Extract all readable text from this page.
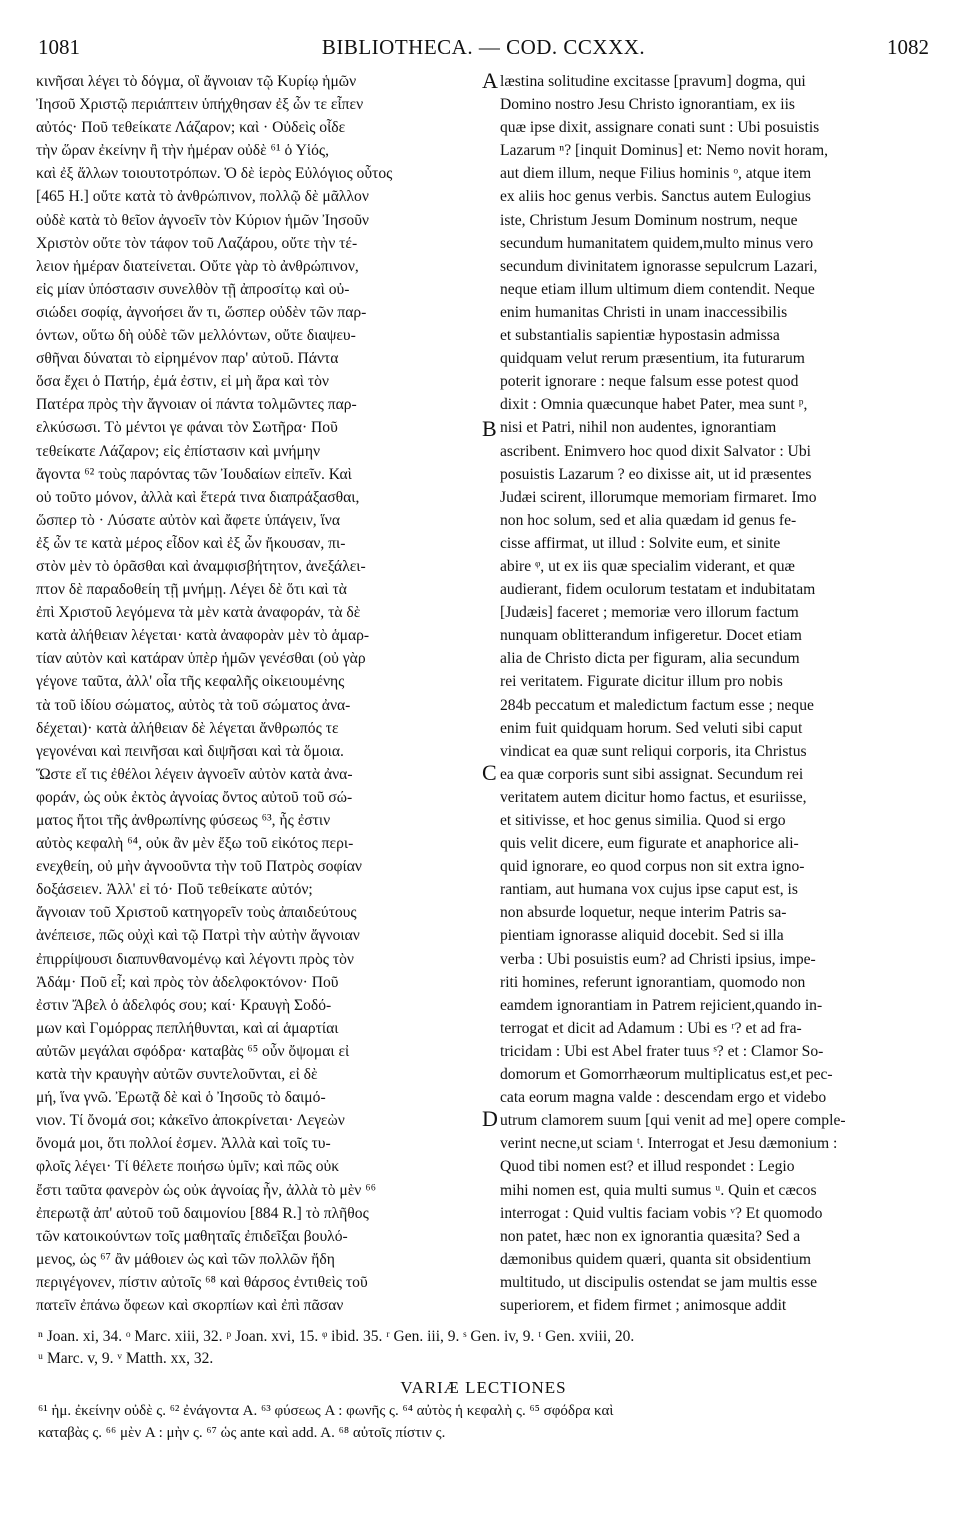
1081	BIBLIOTHECA. — COD. CCXXX.	1082
κινῆσαι λέγει τὸ δόγμα, οἳ ἄγνοιαν τῷ Κυρίῳ ἡμῶν
Ἰησοῦ Χριστῷ περιάπτειν ὑπήχθησαν ἐξ ὧν τε εἶπεν
αὐτός· Ποῦ τεθείκατε Λάζαρον; καὶ · Οὐδεὶς οἶδε
τὴν ὥραν ἐκείνην ἢ τὴν ἡμέραν οὐδὲ ⁶¹ ὁ Υἱός,
καὶ ἐξ ἄλλων τοιουτοτρόπων. Ὁ δὲ ἱερὸς Εὐλόγιος οὗτος
[465 Η.] οὔτε κατὰ τὸ ἀνθρώπινον, πολλῷ δὲ μᾶλλον
οὐδὲ κατὰ τὸ θεῖον ἀγνοεῖν τὸν Κύριον ἡμῶν Ἰησοῦν
Χριστὸν οὔτε τὸν τάφον τοῦ Λαζάρου, οὔτε τὴν τέ-
λειον ἡμέραν διατείνεται. Οὔτε γὰρ τὸ ἀνθρώπινον,
εἰς μίαν ὑπόστασιν συνελθὸν τῇ ἀπροσίτῳ καὶ οὐ-
σιώδει σοφίᾳ, ἀγνοήσει ἄν τι, ὥσπερ οὐδὲν τῶν παρ-
όντων, οὕτω δὴ οὐδὲ τῶν μελλόντων, οὔτε διαψευ-
σθῆναι δύναται τὸ εἰρημένον παρ' αὐτοῦ. Πάντα
ὅσα ἔχει ὁ Πατήρ, ἐμά ἐστιν, εἰ μὴ ἄρα καὶ τὸν
Πατέρα πρὸς τὴν ἄγνοιαν οἱ πάντα τολμῶντες παρ-
ελκύσωσι. Τὸ μέντοι γε φάναι τὸν Σωτῆρα· Ποῦ
τεθείκατε Λάζαρον; εἰς ἐπίστασιν καὶ μνήμην
ἄγοντα ⁶² τοὺς παρόντας τῶν Ἰουδαίων εἰπεῖν. Καὶ
οὐ τοῦτο μόνον, ἀλλὰ καὶ ἕτερά τινα διαπράξασθαι,
ὥσπερ τὸ · Λύσατε αὐτὸν καὶ ἄφετε ὑπάγειν, ἵνα
ἐξ ὧν τε κατὰ μέρος εἶδον καὶ ἐξ ὧν ἤκουσαν, πι-
στὸν μὲν τὸ ὁρᾶσθαι καὶ ἀναμφισβήτητον, ἀνεξάλει-
πτον δὲ παραδοθείη τῇ μνήμῃ. Λέγει δὲ ὅτι καὶ τὰ
ἐπὶ Χριστοῦ λεγόμενα τὰ μὲν κατὰ ἀναφοράν, τὰ δὲ
κατὰ ἀλήθειαν λέγεται· κατὰ ἀναφορὰν μὲν τὸ ἁμαρ-
τίαν αὐτὸν καὶ κατάραν ὑπὲρ ἡμῶν γενέσθαι (οὐ γὰρ
γέγονε ταῦτα, ἀλλ' οἷα τῆς κεφαλῆς οἰκειουμένης
τὰ τοῦ ἰδίου σώματος, αὐτὸς τὰ τοῦ σώματος ἀνα-
δέχεται)· κατὰ ἀλήθειαν δὲ λέγεται ἄνθρωπός τε
γεγονέναι καὶ πεινῆσαι καὶ διψῆσαι καὶ τὰ ὅμοια.
Ὥστε εἴ τις ἐθέλοι λέγειν ἀγνοεῖν αὐτὸν κατὰ ἀνα-
φοράν, ὡς οὐκ ἐκτὸς ἀγνοίας ὄντος αὐτοῦ τοῦ σώ-
ματος ἤτοι τῆς ἀνθρωπίνης φύσεως ⁶³, ἧς ἐστιν
αὐτὸς κεφαλὴ ⁶⁴, οὐκ ἂν μὲν ἔξω τοῦ εἰκότος περι-
ενεχθείη, οὐ μὴν ἀγνοοῦντα τὴν τοῦ Πατρὸς σοφίαν
δοξάσειεν. Ἀλλ' εἰ τό· Ποῦ τεθείκατε αὐτόν;
ἄγνοιαν τοῦ Χριστοῦ κατηγορεῖν τοὺς ἀπαιδεύτους
ἀνέπεισε, πῶς οὐχὶ καὶ τῷ Πατρὶ τὴν αὐτὴν ἄγνοιαν
ἐπιρρίψουσι διαπυνθανομένῳ καὶ λέγοντι πρὸς τὸν
Ἀδάμ· Ποῦ εἶ; καὶ πρὸς τὸν ἀδελφοκτόνον· Ποῦ
ἐστιν Ἄβελ ὁ ἀδελφός σου; καί· Κραυγὴ Σοδό-
μων καὶ Γομόρρας πεπλήθυνται, καὶ αἱ ἁμαρτίαι
αὐτῶν μεγάλαι σφόδρα· καταβὰς ⁶⁵ οὖν ὄψομαι εἰ
κατὰ τὴν κραυγὴν αὐτῶν συντελοῦνται, εἰ δὲ
μή, ἵνα γνῶ. Ἐρωτᾷ δὲ καὶ ὁ Ἰησοῦς τὸ δαιμό-
νιον. Τί ὄνομά σοι; κἀκεῖνο ἀποκρίνεται· Λεγεὼν
ὄνομά μοι, ὅτι πολλοί ἐσμεν. Ἀλλὰ καὶ τοῖς τυ-
φλοῖς λέγει· Τί θέλετε ποιήσω ὑμῖν; καὶ πῶς οὐκ
ἔστι ταῦτα φανερὸν ὡς οὐκ ἀγνοίας ἦν, ἀλλὰ τὸ μὲν ⁶⁶
ἐπερωτᾷ ἀπ' αὐτοῦ τοῦ δαιμονίου [884 R.] τὸ πλῆθος
τῶν κατοικούντων τοῖς μαθηταῖς ἐπιδεῖξαι βουλό-
μενος, ὡς ⁶⁷ ἂν μάθοιεν ὡς καὶ τῶν πολλῶν ἤδη
περιγέγονεν, πίστιν αὐτοῖς ⁶⁸ καὶ θάρσος ἐντιθεὶς τοῦ
πατεῖν ἐπάνω ὄφεων καὶ σκορπίων καὶ ἐπὶ πᾶσαν
læstina solitudine excitasse [pravum] dogma, qui
Domino nostro Jesu Christo ignorantiam, ex iis
quæ ipse dixit, assignare conati sunt : Ubi posuistis
Lazarum ⁿ? [inquit Dominus] et: Nemo novit horam,
aut diem illum, neque Filius hominis ᵒ, atque item
ex aliis hoc genus verbis. Sanctus autem Eulogius
iste, Christum Jesum Dominum nostrum, neque
secundum humanitatem quidem,multo minus vero
secundum divinitatem ignorasse sepulcrum Lazari,
neque etiam illum ultimum diem contendit. Neque
enim humanitas Christi in unam inaccessibilis
et substantialis sapientiæ hypostasin admissa
quidquam velut rerum præsentium, ita futurarum
poterit ignorare : neque falsum esse potest quod
dixit : Omnia quæcunque habet Pater, mea sunt ᵖ,
nisi et Patri, nihil non audentes, ignorantiam
ascribent. Enimvero hoc quod dixit Salvator : Ubi
posuistis Lazarum ? eo dixisse ait, ut id præsentes
Judæi scirent, illorumque memoriam firmaret. Imo
non hoc solum, sed et alia quædam id genus fe-
cisse affirmat, ut illud : Solvite eum, et sinite
abire ᵠ, ut ex iis quæ specialim viderant, et quæ
audierant, fidem oculorum testatam et indubitatam
[Judæis] faceret ; memoriæ vero illorum factum
nunquam oblitterandum infigeretur. Docet etiam
alia de Christo dicta per figuram, alia secundum
rei veritatem. Figurate dicitur illum pro nobis
284b peccatum et maledictum factum esse ; neque
enim fuit quidquam horum. Sed veluti sibi caput
vindicat ea quæ sunt reliqui corporis, ita Christus
ea quæ corporis sunt sibi assignat. Secundum rei
veritatem autem dicitur homo factus, et esuriisse,
et sitivisse, et hoc genus similia. Quod si ergo
quis velit dicere, eum figurate et anaphorice ali-
quid ignorare, eo quod corpus non sit extra igno-
rantiam, aut humana vox cujus ipse caput est, is
non absurde loquetur, neque interim Patris sa-
pientiam ignorasse aliquid docebit. Sed si illa
verba : Ubi posuistis eum? ad Christi ipsius, impe-
riti homines, referunt ignorantiam, quomodo non
eamdem ignorantiam in Patrem rejicient,quando in-
terrogat et dicit ad Adamum : Ubi es ʳ? et ad fra-
tricidam : Ubi est Abel frater tuus ˢ? et : Clamor So-
domorum et Gomorrhæorum multiplicatus est,et pec-
cata eorum magna valde : descendam ergo et videbo
utrum clamorem suum [qui venit ad me] opere comple-
verint necne,ut sciam ᵗ. Interrogat et Jesu dæmonium :
Quod tibi nomen est? et illud respondet : Legio
mihi nomen est, quia multi sumus ᵘ. Quin et cæcos
interrogat : Quid vultis faciam vobis ᵛ? Et quomodo
non patet, hæc non ex ignorantia quæsita? Sed a
dæmonibus quidem quæri, quanta sit obsidentium
multitudo, ut discipulis ostendat se jam multis esse
superiorem, et fidem firmet ; animosque addit
A
B
C
D
ⁿ Joan. xi, 34. ᵒ Marc. xiii, 32. ᵖ Joan. xvi, 15. ᵠ ibid. 35. ʳ Gen. iii, 9. ˢ Gen. iv, 9. ᵗ Gen. xviii, 20.
ᵘ Marc. v, 9. ᵛ Matth. xx, 32.
VARIÆ LECTIONES
⁶¹ ἡμ. ἐκείνην οὐδὲ ς. ⁶² ἐνάγοντα A. ⁶³ φύσεως A : φωνῆς ς. ⁶⁴ αὐτὸς ἡ κεφαλὴ ς. ⁶⁵ σφόδρα καὶ
καταβὰς ς. ⁶⁶ μὲν A : μὴν ς. ⁶⁷ ὡς ante καὶ add. A. ⁶⁸ αὐτοῖς πίστιν ς.
